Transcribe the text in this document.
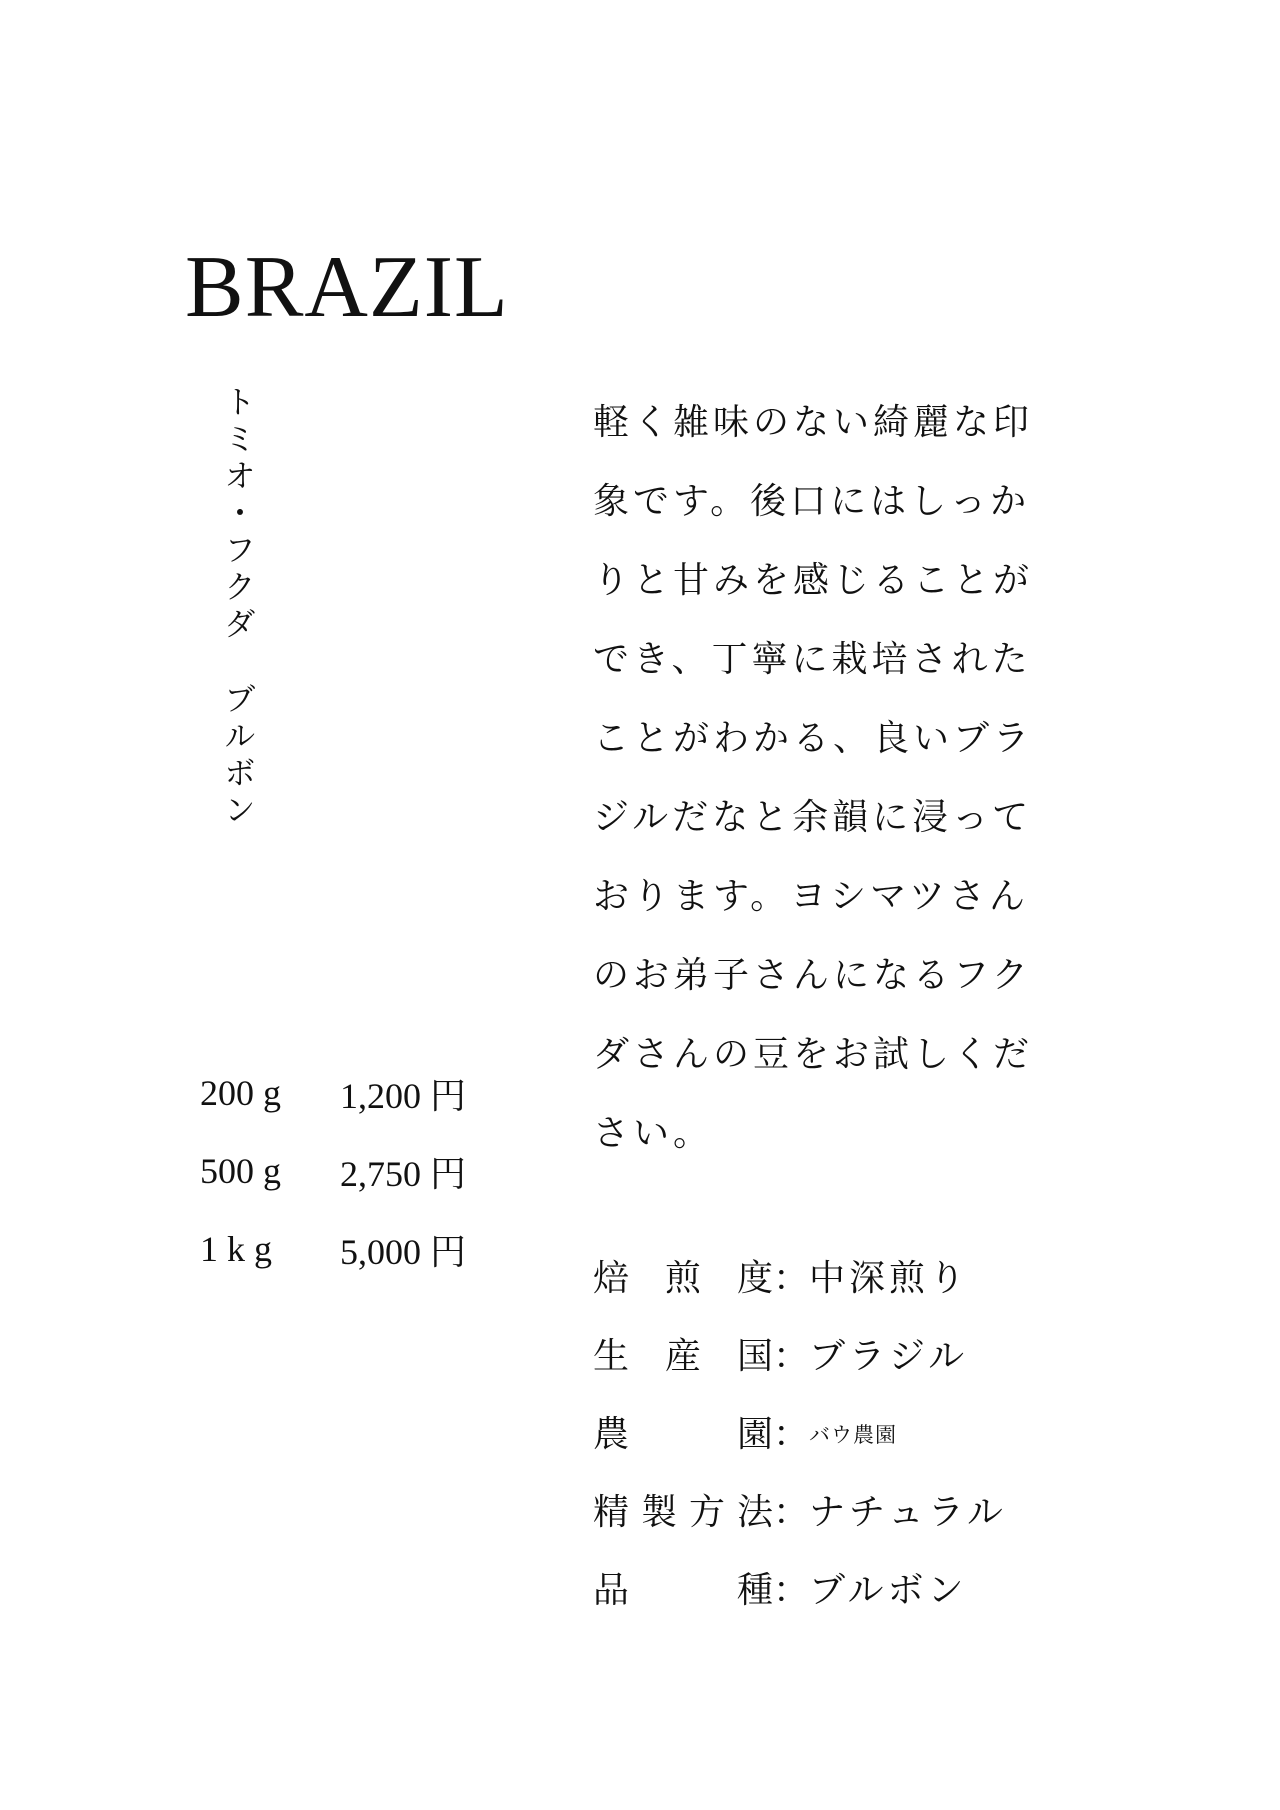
BRAZIL
トミオ・フクダ
ブルボン
200 g	1,200 円
500 g	2,750 円
1 k g	5,000 円

軽く雑味のない綺麗な印象です。後口にはしっかりと甘みを感じることができ、丁寧に栽培されたことがわかる、良いブラジルだなと余韻に浸っております。ヨシマツさんのお弟子さんになるフクダさんの豆をお試しください。

焙 煎 度 ： 中深煎り
生 産 国 ： ブラジル
農	園 ： バウ農園
精 製 方 法 ： ナチュラル
品	種 ： ブルボン
